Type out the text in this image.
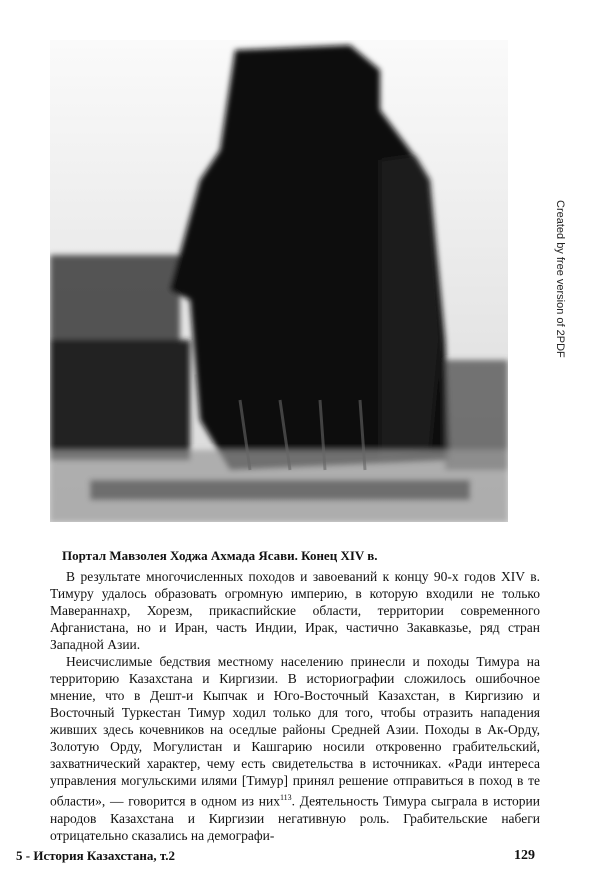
Created by free version of 2PDF
Портал Мавзолея Ходжа Ахмада Ясави. Конец XIV в.

В результате многочисленных походов и завоеваний к концу 90-х годов XIV в. Тимуру удалось образовать огромную империю, в которую входили не только Мавераннахр, Хорезм, прикаспийские области, территории современного Афганистана, но и Иран, часть Индии, Ирак, частично Закавказье, ряд стран Западной Азии.

Неисчислимые бедствия местному населению принесли и походы Тимура на территорию Казахстана и Киргизии. В историографии сложилось ошибочное мнение, что в Дешт-и Кыпчак и Юго-Восточный Казахстан, в Киргизию и Восточный Туркестан Тимур ходил только для того, чтобы отразить нападения живших здесь кочевников на оседлые районы Средней Азии. Походы в Ак-Орду, Золотую Орду, Могулистан и Кашгарию носили откровенно грабительский, захватнический характер, чему есть свидетельства в источниках. «Ради интереса управления могульскими илями [Тимур] принял решение отправиться в поход в те области», — говорится в одном из них$^{113}$. Деятельность Тимура сыграла в истории народов Казахстана и Киргизии негативную роль. Грабительские набеги отрицательно сказались на демографи-

5 - История Казахстана, т.2	129
